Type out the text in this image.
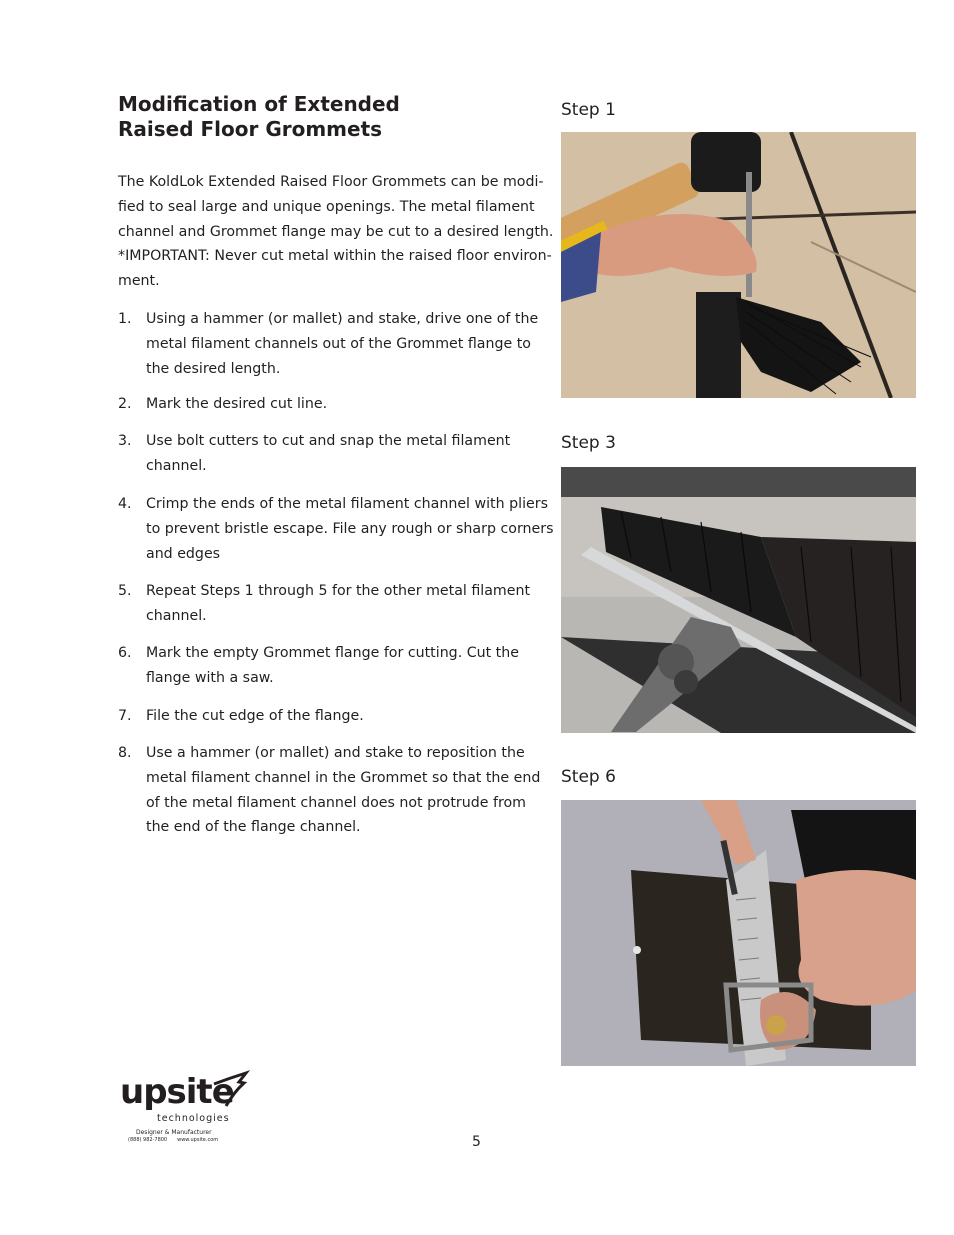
Modification of Extended
Raised Floor Grommets
The KoldLok Extended Raised Floor Grommets can be modi-
fied to seal large and unique openings. The metal filament
channel and Grommet flange may be cut to a desired length.
*IMPORTANT: Never cut metal within the raised floor environ-
ment.
1.	Using a hammer (or mallet) and stake, drive one of the
metal filament channels out of the Grommet flange to
the desired length.
2.	Mark the desired cut line.
3.	Use bolt cutters to cut and snap the metal filament
channel.
4.	Crimp the ends of the metal filament channel with pliers
to prevent bristle escape. File any rough or sharp corners
and edges
5.	Repeat Steps 1 through 5 for the other metal filament
channel.
6.	Mark the empty Grommet flange for cutting. Cut the
flange with a saw.
7.	File the cut edge of the flange.
8.	Use a hammer (or mallet) and stake to reposition the
metal filament channel in the Grommet so that the end
of the metal filament channel does not protrude from
the end of the flange channel.
Step 1
Step 3
Step 6
upsite
technologies
Designer & Manufacturer
(888) 982-7800 www.upsite.com	5
